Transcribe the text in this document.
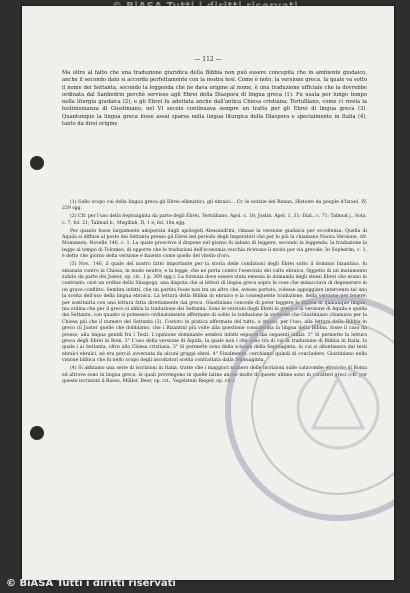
— 112 —
Ma oltre al fatto che una traduzione giuridica della Bibbia non può essere concepita che in ambiente giudaico, anche il secondo dato si accorda perfettamente con la nostra tesi. Come è noto, la versione greca, la quale va sotto il nome dei Settanta, secondo la leggenda che ne dava origine al nome, è una traduzione ufficiale che la dovrebbe ordinata dal Sanhedrin perchè servisse agli Ebrei della Diaspora di lingua greca (1). Fu usata per lungo tempo nella liturgia giudaica (2), e gli Ebrei fu adottata anche dall'antica Chiesa cristiana; Tertulliano, come ci rivela la testimonianza di Giustiniano, nel VI secolo continuava sempre un tratto per gli Ebrei di lingua greca (3). Quantunque la lingua greca fosse assai sparsa nella lingua liturgica della Diaspora e specialmente in Italia (4), tanto da dirsi origine

(1) Sullo scopo cui della lingua greca gli Ebrei ellenistici, gli ebraici... Cr. le notizie del Renan, Histoire du peuple d'Israel, IV, 239 sgg.

(2) Cfr. per l'uso della Septuaginta da parte degli Ebrei, Tertulliano, Apol. c. 18; Justin, Apol. 1, 31; Dial., c. 71; Talmud j., Sota, c. 7, fol. 21; Talmud b., Megillah, II, 1 e, fol. 18a sgg.

Per quanto fosse largamente adoperata dagli apologeti Alessandrini, rimase la versione giudaica per eccellenza. Quella di Aquila si diffuse al posto dei Settanta presso gli Ebrei nel periodo degli Imperatori che per lo più la chiamano Nuova Versione, cfr. Mommsen, Novelle 146, c. 1. La quale prescrive il dispone nel giorno di sabato di leggere, secondo la leggenda, la traduzione la legge al tempo di Tolomeo, di opporre che le traduzioni dell'economia vecchia ricevano il modo per via grecale. In Sopherim, c. 1, è detto che giorno della versione è funesto come quello del vitello d'oro.

(3) Nov., 146, il quale del nostro fatto importante per la storia delle condizioni degli Ebrei sotto il dominio bizantino, fu emanata contro la Chiesa, in modo neutro; e la legge, che ne porta contro l'esercizio del culto ebraico. Oggetto di un mutamento subito da parte dei Juster, op. cit., I p. 369 sgg.). La formula dove essere stata emessa in domanda degli stessi Ebrei che erano in contrasto, cioè un ordine della Sinagoga, una disputa che ai lettori di lingua greca sopra le cose che minacciava di degenerare in un grave conflitto. Sembra infatti, che un partito fosse non tra un altro che, avesse portato, volesse appoggiare intervento tal uno la scelta dell'uso della lingua ebraica. La lettura della Bibbia in ebraico e la conseguente traduzione, della versione per tenere; per sostituirla con una lettura fatta direttamente dal greco. Giustiniano concede di poter leggere la Bibbia in qualunque lingua, ma ordina che per il greco si abbia la traduzione dei Settanta. Sono le versioni degli Ebrei in greco e la versione di Aquila e quella dei Settanta, con quanto si potessero ordinatamente affermare di solito la traduzione la versione che Giustiniano chiamava per la Chiesa più che il numero dei Settanta (3). Costoro in pratica affermato del tutto, a stesso, per l'uso, alla lettura della Bibbia in greco (il Juster quelle che dobbiamo, che i Bizantini più volte alla questione considerata la lingua della Bibbia, fosse il caso da presso, alla lingua gentili fra i Testi. L'opinione dominante sembra infatti esposta dai seguenti indizi: 1° Si permette la lettura greca degli Ebrei in Rom. 2° L'uso della versione di Aquila, la quale non i che sono tra di cui la traduzione di Bibbia in Italia, la quale i ai Settanta, oltre alla Chiesa cristiana. 3° Si permette sono della scienza della Septuaginta, in cui si allontanava dai testi ebraici ebraici, né era perciò avversata da alcuni gruppi ebrei. 4° Finalmente, cerchiamo quindi di concludere, Giustiniano nella visione biblica che fu nello scopo degli ascoltatori scelta contrattata dalla Septuaginta.

(4) Si abbiamo una serie di iscrizioni in Italia, tratte che i maggiori numero delle iscrizioni sulle catacombe ebraiche di Roma ed altrove sono in lingua greca, le quali provengono in quelle latine anche molte di queste ultime sono in caratteri greci (cfr. per queste iscrizioni il Basso, Müller, Beer, op. cit., Vogelstein Rieger, op. cit.).

© BiASA Tutti i diritti riservati
